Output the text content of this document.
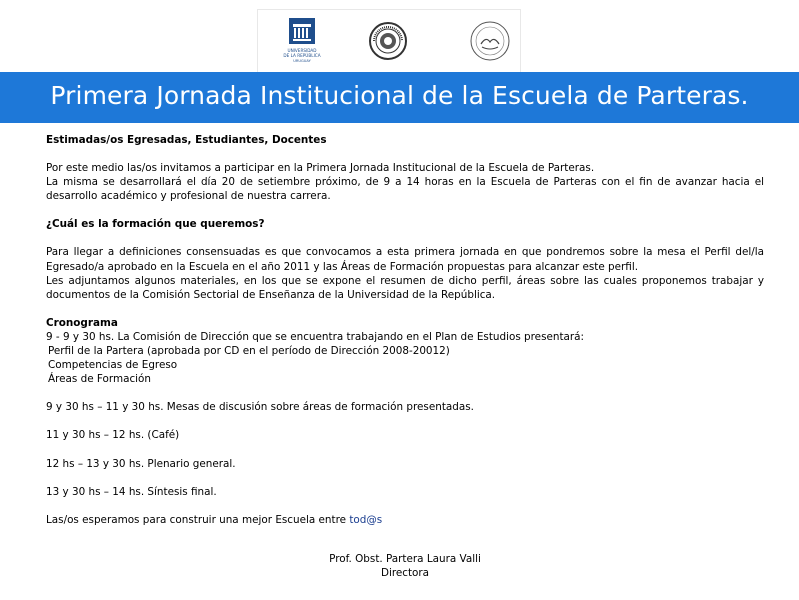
UNIVERSIDAD
DE LA REPÚBLICA
URUGUAY
Primera Jornada Institucional de la Escuela de Parteras.

Estimadas/os Egresadas, Estudiantes, Docentes

Por este medio las/os invitamos a participar en la Primera Jornada Institucional de la Escuela de Parteras.

La misma se desarrollará el día 20 de setiembre próximo, de 9 a 14 horas en la Escuela de Parteras con el fin de avanzar hacia el desarrollo académico y profesional de nuestra carrera.

¿Cuál es la formación que queremos?

Para llegar a definiciones consensuadas es que convocamos a esta primera jornada en que pondremos sobre la mesa el Perfil del/la Egresado/a aprobado en la Escuela en el año 2011 y las Áreas de Formación propuestas para alcanzar este perfil.

Les adjuntamos algunos materiales, en los que se expone el resumen de dicho perfil, áreas sobre las cuales proponemos trabajar y documentos de la Comisión Sectorial de Enseñanza de la Universidad de la República.

Cronograma

9 - 9 y 30 hs. La Comisión de Dirección que se encuentra trabajando en el Plan de Estudios presentará:

Perfil de la Partera (aprobada por CD en el período de Dirección 2008-20012)

Competencias de Egreso

Áreas de Formación

9 y 30 hs – 11 y 30 hs. Mesas de discusión sobre áreas de formación presentadas.

11 y 30 hs – 12 hs. (Café)

12 hs – 13 y 30 hs. Plenario general.

13 y 30 hs – 14 hs. Síntesis final.

Las/os esperamos para construir una mejor Escuela entre tod@s

Prof. Obst. Partera Laura Valli

Directora
